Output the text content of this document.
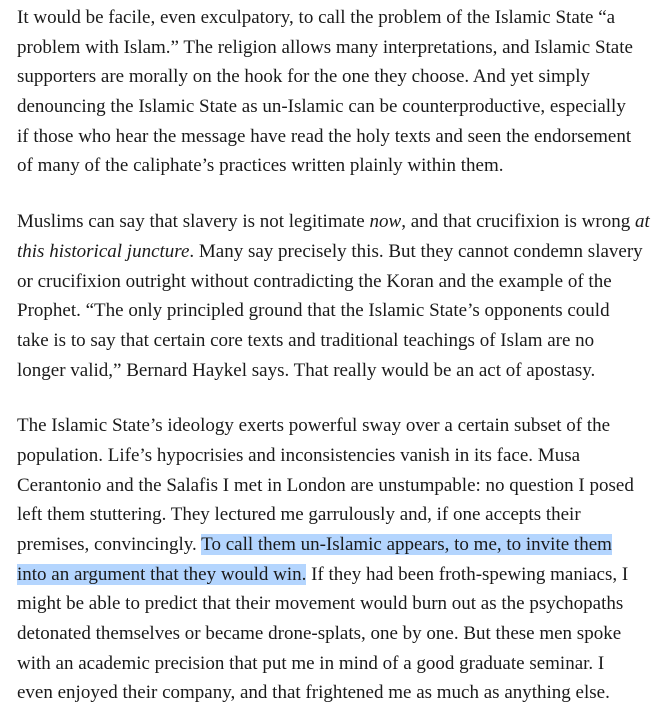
It would be facile, even exculpatory, to call the problem of the Islamic State “a
problem with Islam.” The religion allows many interpretations, and Islamic State
supporters are morally on the hook for the one they choose. And yet simply
denouncing the Islamic State as un-Islamic can be counterproductive, especially
if those who hear the message have read the holy texts and seen the endorsement
of many of the caliphate’s practices written plainly within them.
Muslims can say that slavery is not legitimate now, and that crucifixion is wrong at
this historical juncture. Many say precisely this. But they cannot condemn slavery
or crucifixion outright without contradicting the Koran and the example of the
Prophet. “The only principled ground that the Islamic State’s opponents could
take is to say that certain core texts and traditional teachings of Islam are no
longer valid,” Bernard Haykel says. That really would be an act of apostasy.
The Islamic State’s ideology exerts powerful sway over a certain subset of the
population. Life’s hypocrisies and inconsistencies vanish in its face. Musa
Cerantonio and the Salafis I met in London are unstumpable: no question I posed
left them stuttering. They lectured me garrulously and, if one accepts their
premises, convincingly. To call them un-Islamic appears, to me, to invite them
into an argument that they would win. If they had been froth-spewing maniacs, I
might be able to predict that their movement would burn out as the psychopaths
detonated themselves or became drone-splats, one by one. But these men spoke
with an academic precision that put me in mind of a good graduate seminar. I
even enjoyed their company, and that frightened me as much as anything else.
